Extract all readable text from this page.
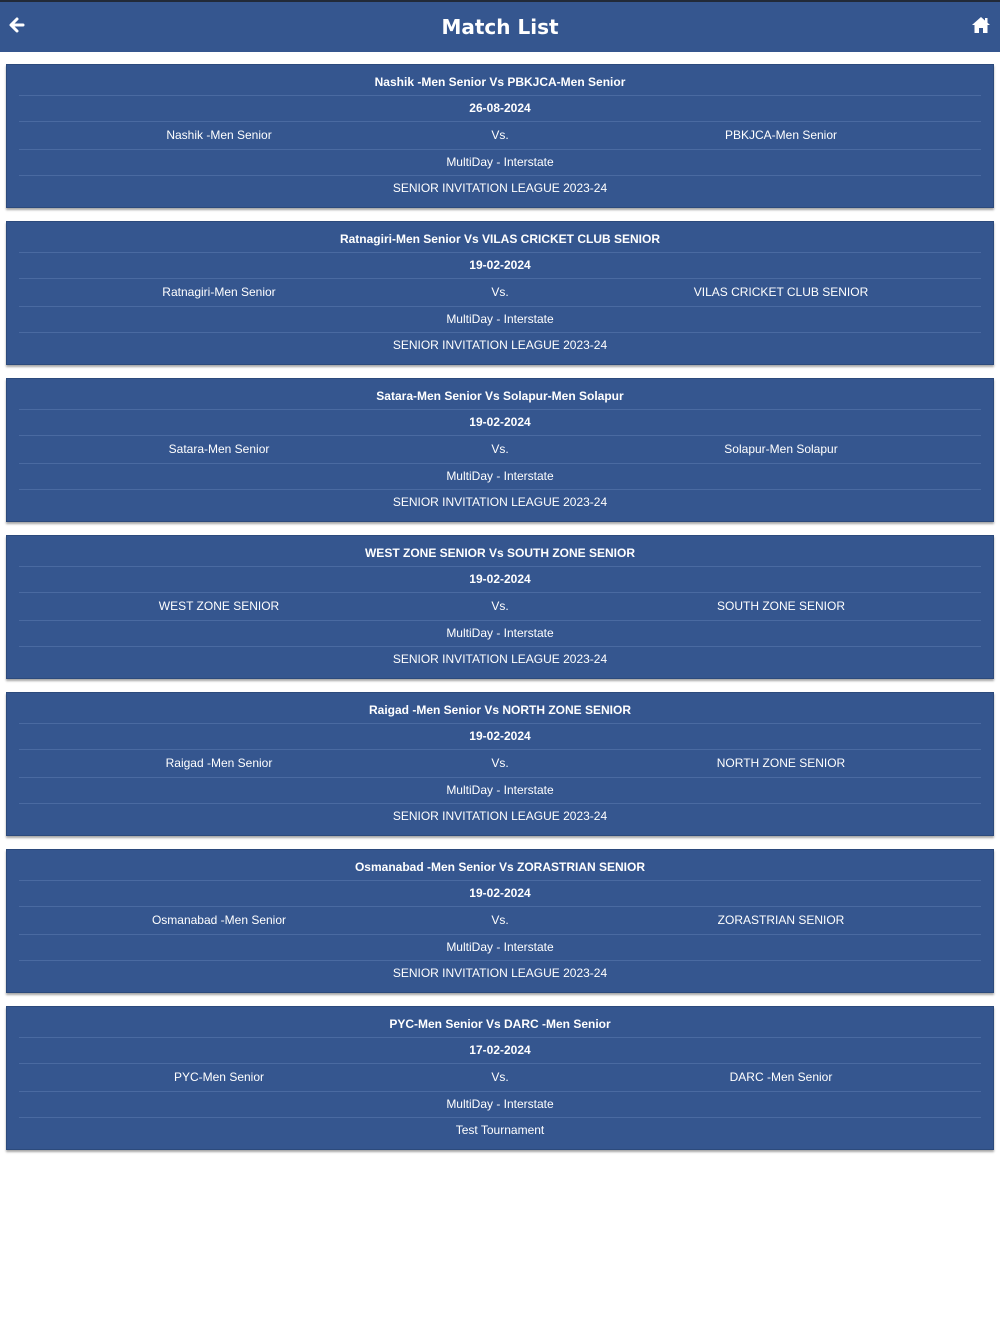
Match List
Nashik -Men Senior Vs PBKJCA-Men Senior
26-08-2024
Nashik -Men Senior	Vs.	PBKJCA-Men Senior
MultiDay - Interstate
SENIOR INVITATION LEAGUE 2023-24
Ratnagiri-Men Senior Vs VILAS CRICKET CLUB SENIOR
19-02-2024
Ratnagiri-Men Senior	Vs.	VILAS CRICKET CLUB SENIOR
MultiDay - Interstate
SENIOR INVITATION LEAGUE 2023-24
Satara-Men Senior Vs Solapur-Men Solapur
19-02-2024
Satara-Men Senior	Vs.	Solapur-Men Solapur
MultiDay - Interstate
SENIOR INVITATION LEAGUE 2023-24
WEST ZONE SENIOR Vs SOUTH ZONE SENIOR
19-02-2024
WEST ZONE SENIOR	Vs.	SOUTH ZONE SENIOR
MultiDay - Interstate
SENIOR INVITATION LEAGUE 2023-24
Raigad -Men Senior Vs NORTH ZONE SENIOR
19-02-2024
Raigad -Men Senior	Vs.	NORTH ZONE SENIOR
MultiDay - Interstate
SENIOR INVITATION LEAGUE 2023-24
Osmanabad -Men Senior Vs ZORASTRIAN SENIOR
19-02-2024
Osmanabad -Men Senior	Vs.	ZORASTRIAN SENIOR
MultiDay - Interstate
SENIOR INVITATION LEAGUE 2023-24
PYC-Men Senior Vs DARC -Men Senior
17-02-2024
PYC-Men Senior	Vs.	DARC -Men Senior
MultiDay - Interstate
Test Tournament
